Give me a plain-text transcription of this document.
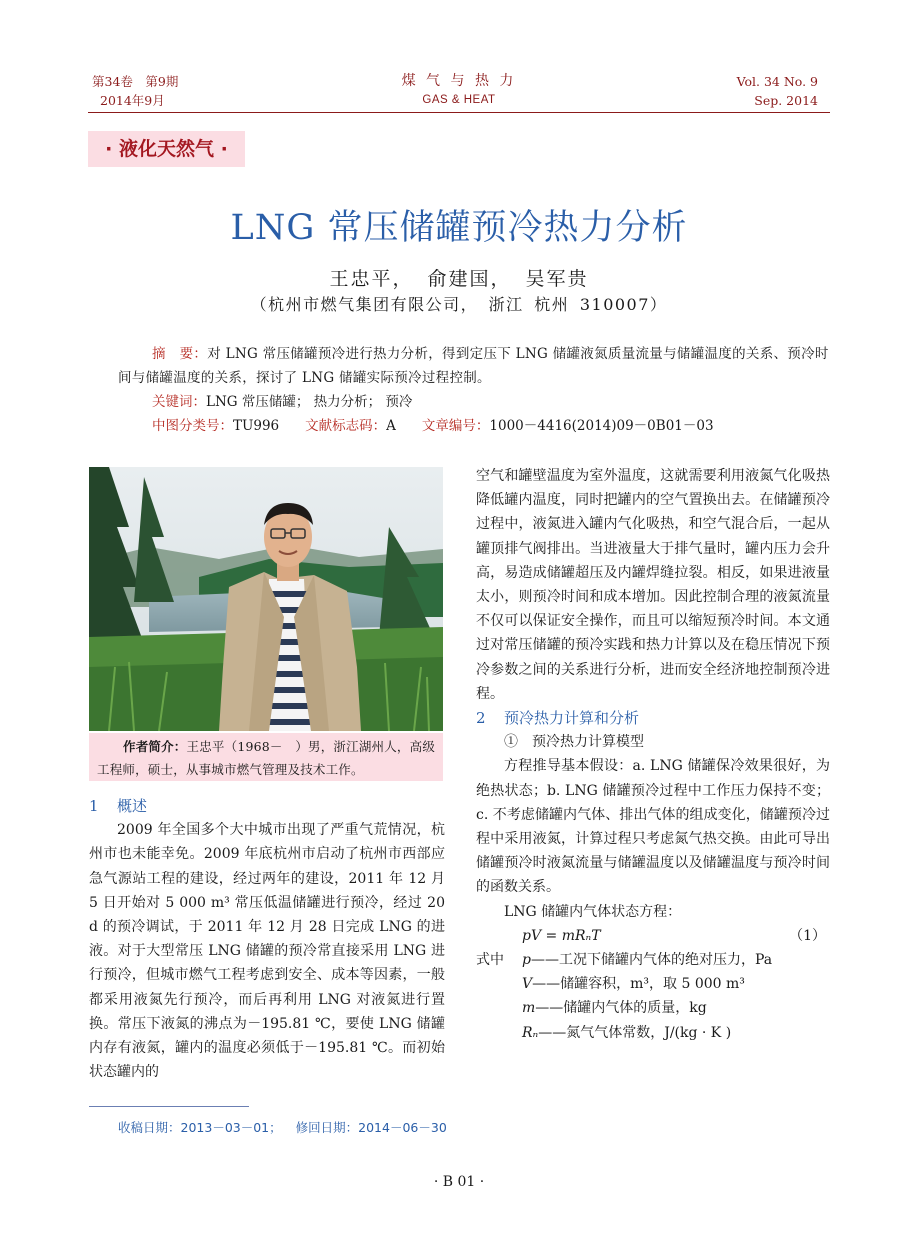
第34卷　第9期
2014年9月
煤 气 与 热 力
GAS & HEAT
Vol. 34 No. 9
Sep. 2014
· 液化天然气 ·
LNG 常压储罐预冷热力分析
王忠平， 俞建国， 吴军贵
（杭州市燃气集团有限公司， 浙江 杭州 310007）

摘　要：对 LNG 常压储罐预冷进行热力分析，得到定压下 LNG 储罐液氮质量流量与储罐温度的关系、预冷时间与储罐温度的关系，探讨了 LNG 储罐实际预冷过程控制。

关键词：LNG 常压储罐； 热力分析； 预冷

中图分类号：TU996 文献标志码：A 文章编号：1000－4416(2014)09－0B01－03

作者简介：王忠平（1968－　）男，浙江湖州人，高级工程师，硕士，从事城市燃气管理及技术工作。

1 概述

2009 年全国多个大中城市出现了严重气荒情况，杭州市也未能幸免。2009 年底杭州市启动了杭州市西部应急气源站工程的建设，经过两年的建设，2011 年 12 月 5 日开始对 5 000 m³ 常压低温储罐进行预冷，经过 20 d 的预冷调试，于 2011 年 12 月 28 日完成 LNG 的进液。对于大型常压 LNG 储罐的预冷常直接采用 LNG 进行预冷，但城市燃气工程考虑到安全、成本等因素，一般都采用液氮先行预冷，而后再利用 LNG 对液氮进行置换。常压下液氮的沸点为－195.81 ℃，要使 LNG 储罐内存有液氮，罐内的温度必须低于－195.81 ℃。而初始状态罐内的

空气和罐壁温度为室外温度，这就需要利用液氮气化吸热降低罐内温度，同时把罐内的空气置换出去。在储罐预冷过程中，液氮进入罐内气化吸热，和空气混合后，一起从罐顶排气阀排出。当进液量大于排气量时，罐内压力会升高，易造成储罐超压及内罐焊缝拉裂。相反，如果进液量太小，则预冷时间和成本增加。因此控制合理的液氮流量不仅可以保证安全操作，而且可以缩短预冷时间。本文通过对常压储罐的预冷实践和热力计算以及在稳压情况下预冷参数之间的关系进行分析，进而安全经济地控制预冷进程。

2 预冷热力计算和分析

①　预冷热力计算模型

方程推导基本假设：a. LNG 储罐保冷效果很好，为绝热状态；b. LNG 储罐预冷过程中工作压力保持不变；c. 不考虑储罐内气体、排出气体的组成变化，储罐预冷过程中采用液氮，计算过程只考虑氮气热交换。由此可导出储罐预冷时液氮流量与储罐温度以及储罐温度与预冷时间的函数关系。

LNG 储罐内气体状态方程：

pV = mRₙT	（1）

式中 p——工况下储罐内气体的绝对压力，Pa

V——储罐容积，m³，取 5 000 m³

m——储罐内气体的质量，kg

Rₙ——氮气气体常数，J/(kg · K )

收稿日期：2013－03－01； 修回日期：2014－06－30
· B 01 ·
